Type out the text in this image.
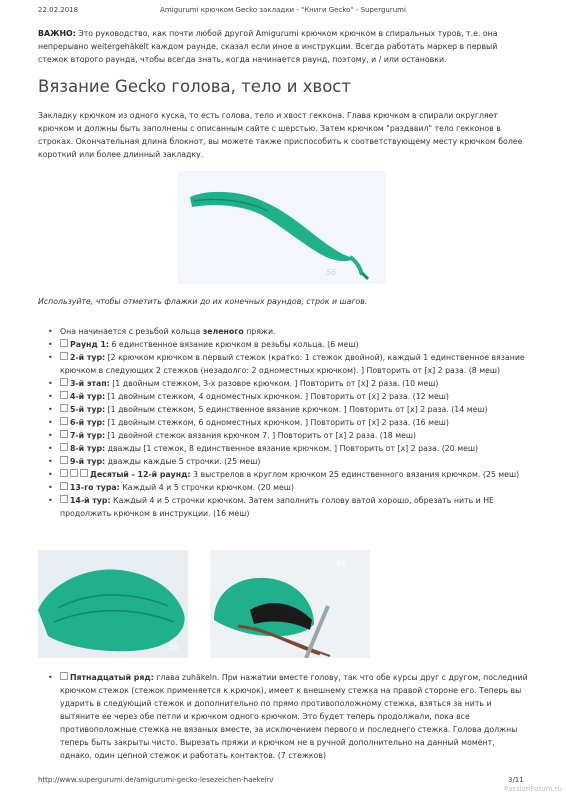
22.02.2018	Amigurumi крючком Gecko закладки - "Книги Gecko" - Supergurumi
ВАЖНО: Это руководство, как почти любой другой Amigurumi крючком крючком в спиральных туров, т.е. она непрерывно weitergehäkelt каждом раунде, сказал если иное в инструкции. Всегда работать маркер в первый стежок второго раунда, чтобы всегда знать, когда начинается раунд, поэтому, и / или остановки.
Вязание Gecko голова, тело и хвост
Закладку крючком из одного куска, то есть голова, тело и хвост геккона. Глава крючком в спирали округляет крючком и должны быть заполнены с описанным сайте с шерстью. Затем крючком "раздавил" тело гекконов в строках. Окончательная длина блокнот, вы можете также приспособить к соответствующему месту крючком более короткий или более длинный закладку.
56
Используйте, чтобы отметить флажки до их конечных раундов, строк и шагов.
• Она начинается с резьбой кольца зеленого пряжи.
• Раунд 1: 6 единственное вязание крючком в резьбы кольца. (6 меш)
• 2-й тур: [2 крючком крючком в первый стежок (кратко: 1 стежок двойной), каждый 1 единственное вязание крючком в следующих 2 стежков (незадолго: 2 одноместных крючком). ] Повторить от [x] 2 раза. (8 меш)
• 3-й этап: [1 двойным стежком, 3-х разовое крючком. ] Повторить от [x] 2 раза. (10 меш)
• 4-й тур: [1 двойным стежком, 4 одноместных крючком. ] Повторить от [x] 2 раза. (12 меш)
• 5-й тур: [1 двойным стежком, 5 единственное вязание крючком. ] Повторить от [x] 2 раза. (14 меш)
• 6-й тур: [1 двойным стежком, 6 одноместных крючком. ] Повторить от [x] 2 раза. (16 меш)
• 7-й тур: [1 двойной стежок вязания крючком 7. ] Повторить от [x] 2 раза. (18 меш)
• 8-й тур: дважды [1 стежок, 8 единственное вязание крючком. ] Повторить от [x] 2 раза. (20 меш)
• 9-й тур: дважды каждые 5 строчки. (25 меш)
• Десятый - 12-й раунд: 3 выстрелов в круглом крючком 25 единственного вязания крючком. (25 меш)
• 13-го тура: Каждый 4 и 5 строчки крючком. (20 меш)
• 14-й тур: Каждый 4 и 5 строчки крючком. Затем заполнить голову ватой хорошо, обрезать нить и НЕ продолжить крючком в инструкции. (16 меш)
56
56
• Пятнадцатый ряд: глава zuhäkeln. При нажатии вместе голову, так что обе курсы друг с другом, последний крючком стежок (стежок применяется к крючок), имеет к внешнему стежка на правой стороне его. Теперь вы ударить в следующий стежок и дополнительно по прямо противоположному стежка, взяться за нить и вытяните ее через обе петли и крючком одного крючком. Это будет теперь продолжали, пока все противоположные стежка не вязаных вместе, за исключением первого и последнего стежка. Голова должны теперь быть закрыты чисто. Вырезать пряжи и крючком не в ручной дополнительно на данный момент, однако, один цепной стежок и работать контактов. (7 стежков)
http://www.supergurumi.de/amigurumi-gecko-lesezeichen-haekeln/	3/11
PassionForum.ru
